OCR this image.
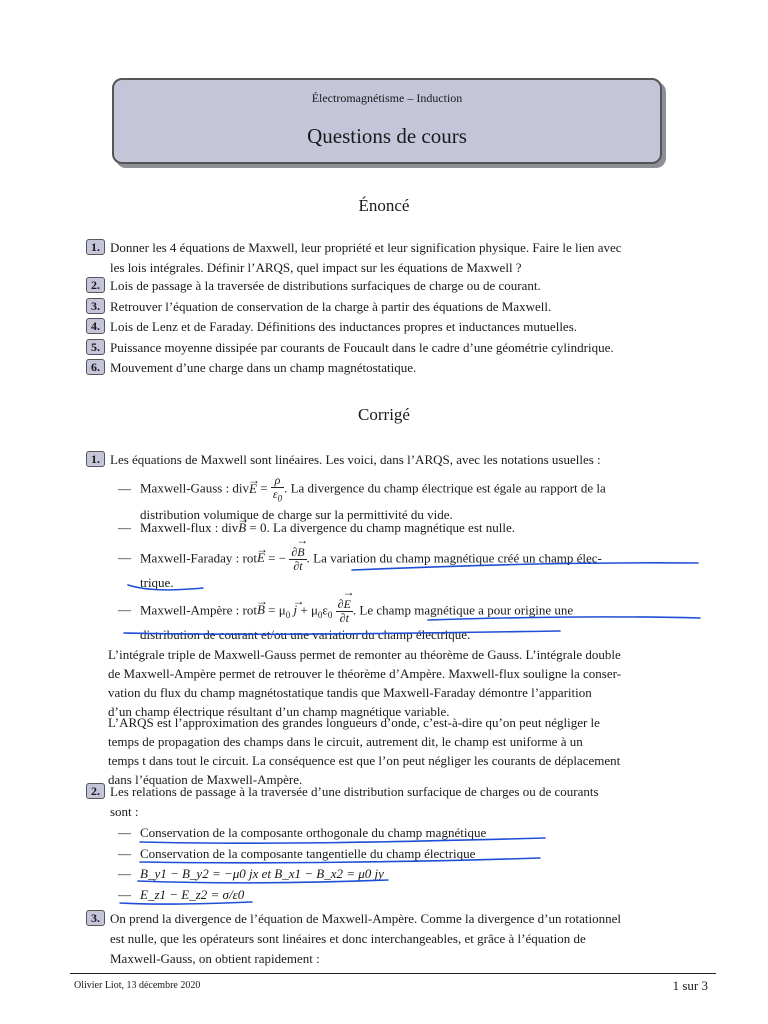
Électromagnétisme – Induction
Questions de cours
Énoncé
1. Donner les 4 équations de Maxwell, leur propriété et leur signification physique. Faire le lien avec
les lois intégrales. Définir l’ARQS, quel impact sur les équations de Maxwell ?
2. Lois de passage à la traversée de distributions surfaciques de charge ou de courant.
3. Retrouver l’équation de conservation de la charge à partir des équations de Maxwell.
4. Lois de Lenz et de Faraday. Définitions des inductances propres et inductances mutuelles.
5. Puissance moyenne dissipée par courants de Foucault dans le cadre d’une géométrie cylindrique.
6. Mouvement d’une charge dans un champ magnétostatique.
Corrigé
1. Les équations de Maxwell sont linéaires. Les voici, dans l’ARQS, avec les notations usuelles :
— Maxwell-Gauss : $div\to E = \frac{\rho}{\varepsilon_0}$ . La divergence du champ électrique est égale au rapport de la
distribution volumique de charge sur la permittivité du vide.
— Maxwell-flux : div→ B = 0. La divergence du champ magnétique est nulle.
— Maxwell-Faraday : rot→ E = − $\frac{\partial\to B}{\partial t}$ . La variation du champ magnétique créé un champ élec-
trique.
— Maxwell-Ampère : $rot\to B = \mu_0 \to j + \mu_0\varepsilon_0 \frac{\partial\to E}{\partial t}$ . Le champ magnétique a pour origine une
distribution de courant et/ou une variation du champ électrique.
L’intégrale triple de Maxwell-Gauss permet de remonter au théorème de Gauss. L’intégrale double
de Maxwell-Ampère permet de retrouver le théorème d’Ampère. Maxwell-flux souligne la conser-
vation du flux du champ magnétostatique tandis que Maxwell-Faraday démontre l’apparition
d’un champ électrique résultant d’un champ magnétique variable.
L’ARQS est l’approximation des grandes longueurs d’onde, c’est-à-dire qu’on peut négliger le
temps de propagation des champs dans le circuit, autrement dit, le champ est uniforme à un
temps t dans tout le circuit. La conséquence est que l’on peut négliger les courants de déplacement
dans l’équation de Maxwell-Ampère.
2. Les relations de passage à la traversée d’une distribution surfacique de charges ou de courants
sont :
— Conservation de la composante orthogonale du champ magnétique
— Conservation de la composante tangentielle du champ électrique
— B_y1 − B_y2 = −μ0 jx et B_x1 − B_x2 = μ0 jy
— E_z1 − E_z2 = σ/ε0
3. On prend la divergence de l’équation de Maxwell-Ampère. Comme la divergence d’un rotationnel
est nulle, que les opérateurs sont linéaires et donc interchangeables, et grâce à l’équation de
Maxwell-Gauss, on obtient rapidement :
Olivier Liot, 13 décembre 2020	1 sur 3
